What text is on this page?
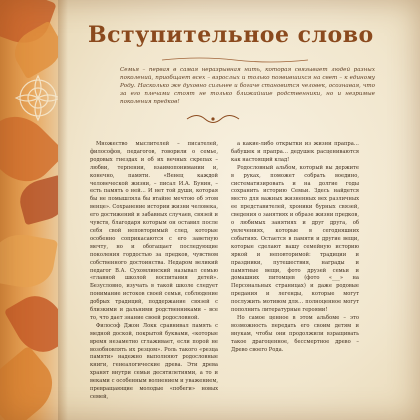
Вступительное слово

Семья – первая в самая неразрывная нить, которая связывает людей разных поколений, приобщает всех – взрослых и только появившихся на свет – к единому Роду. Насколько же духовно сильнее и богаче становится человек, осознавая, что за его плечами стоят не только ближайшие родственники, но и незримые поколения предков!

Множество мыслителей – писателей, философов, педагогов, говорили о семье, родовых гнездах и об их вечных скрепах – любви, терпении, взаимопонимании и, конечно, памяти. «Венец каждой человеческой жизни, – писал И.А. Бунин, – есть память о ней… И нет той души, которая бы не помышляла бы втайне мечтою об этом венце». Сохранение истории жизни человека, его достижений и забавных случаев, связей и чувств, благодаря которым он оставил после себя свой неповторимый след, которые особенно соприкасаются с его заветную мечту, но и обогащает последующие поколения гордостью за предков, чувством собственного достоинства. Недаром великий педагог В.А. Сухомлинский называл семью «главной школой воспитания детей». Безусловно, изучать в такой школе следует понимание истоков своей семьи, соблюдение добрых традиций, поддержание связей с близкими и дальними родственниками – все то, что дает знание своей родословной.

Философ Джон Локк сравнивал память с медной доской, покрытой буквами, «которые время незаметно сглаживает, если порой не возобновлять их резцом». Роль такого «резца памяти» надежно выполняют родословные книги, генеалогические древа. Эти древа хранят внутри семьи десятилетиями, а то и веками с особенным волнением и уважением, превращающие молодые «побеги» новых семей,

а какие-либо открытки из жизни прапра… бабушек и прапра… дедушек расцениваются как настоящий клад!

Родословный альбом, который вы держите в руках, поможет собрать воедино, систематизировать и на долгие годы сохранить историю Семьи. Здесь найдется место для важных жизненных вех различных ее представителей, хроники бурных связей, сведения о занятиях и образе жизни предков, о любимых занятиях и друг друга, об увлечениях, которые в сегодняшних событиях. Остается в памяти и другие вещи, которые сделают вашу семейную историю яркой и неповторимой: традиции и праздники, путешествия, награды и памятные вещи, фото друзей семьи и домашних питомцев (фото «___» на Персональных страницах) и даже родовые предания и легенды, которые могут послужить мотивом для… полноценное могут пополнить литературные героями!

Но самое ценное в этом альбоме – это возможность передать его своим детям и внукам, чтобы они продолжили взращивать такое драгоценное, бессмертное древо – Древо своего Рода.
